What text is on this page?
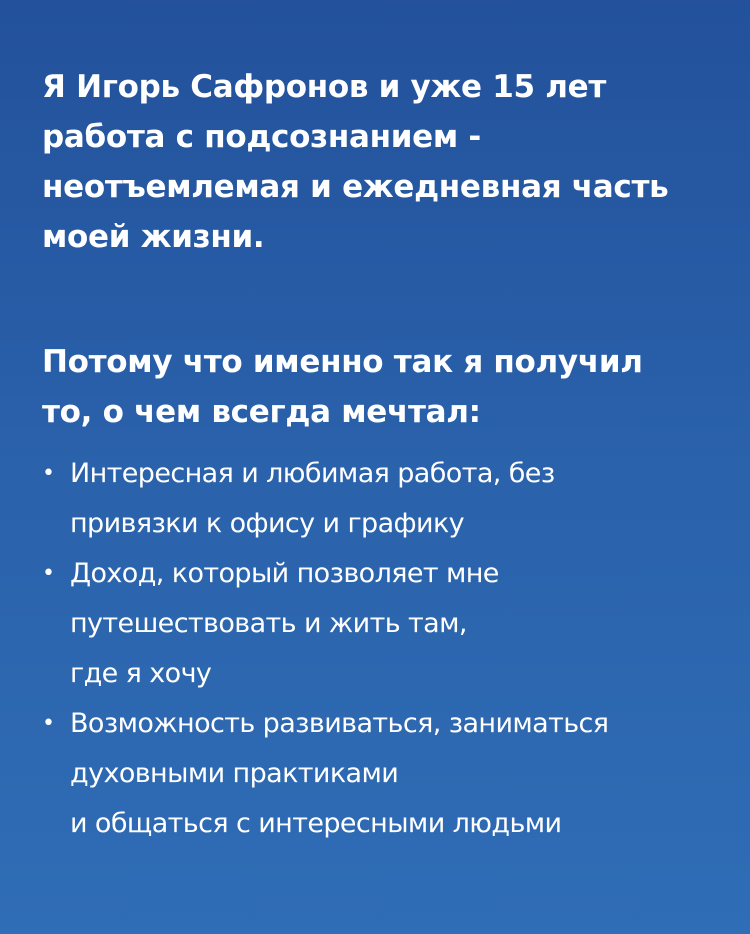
Я Игорь Сафронов и уже 15 лет
работа с подсознанием -
неотъемлемая и ежедневная часть
моей жизни.

Потому что именно так я получил
то, о чем всегда мечтал:

• Интересная и любимая работа, без
привязки к офису и графику
• Доход, который позволяет мне
путешествовать и жить там,
где я хочу
• Возможность развиваться, заниматься
духовными практиками
и общаться с интересными людьми
